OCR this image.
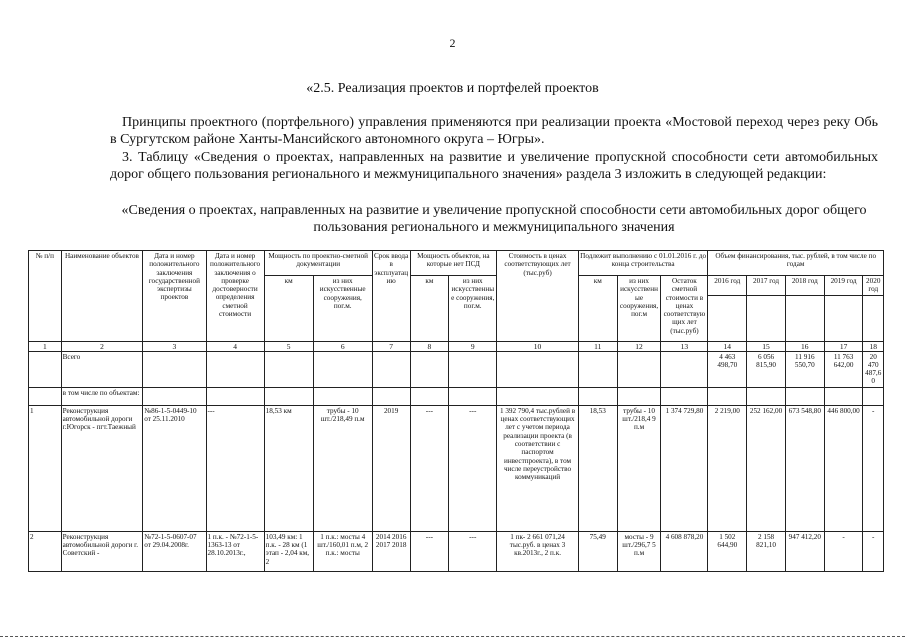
2
«2.5. Реализация проектов и портфелей проектов
Принципы проектного (портфельного) управления применяются при реализации проекта «Мостовой переход через реку Обь в Сургутском районе Ханты-Мансийского автономного округа – Югры».
3. Таблицу «Сведения о проектах, направленных на развитие и увеличение пропускной способности сети автомобильных дорог общего пользования регионального и межмуниципального значения» раздела 3 изложить в следующей редакции:
«Сведения о проектах, направленных на развитие и увеличение пропускной способности сети автомобильных дорог общего пользования регионального и межмуниципального значения
№ п/п	Наименование объектов	Дата и номер положительного заключения государственной экспертизы проектов	Дата и номер положительного заключения о проверке достоверности определения сметной стоимости	Мощность по проектно-сметной документации		Срок ввода в эксплуатацию	Мощность объектов, на которые нет ПСД		Стоимость в ценах соответствующих лет (тыс.руб)	Подлежит выполнению с 01.01.2016 г. до конца строительства			Объем финансирования, тыс. рублей, в том числе по годам				
				км	из них искусственные сооружения, пог.м.		км	из них искусственные сооружения, пог.м.		км	из них искусственные сооружения, пог.м	Остаток сметной стоимости в ценах соответствующих лет (тыс.руб)	2016 год	2017 год	2018 год	2019 год	2020 год

1	2	3	4	5	6	7	8	9	10	11	12	13	14	15	16	17	18
	Всего												4 463 498,70	6 056 815,90	11 916 550,70	11 763 642,00	20 470 487,6 0
	в том числе по объектам:																
1	Реконструкция автомобильной дороги г.Югорск - пгт.Таежный	№86-1-5-0449-10 от 25.11.2010	---	18,53 км	трубы - 10 шт./218,49 п.м	2019	---	---	1 392 790,4 тыс.рублей в ценах соответствующих лет с учетом периода реализации проекта (в соответствии с паспортом инвестпроекта), в том числе переустройство коммуникаций	18,53	трубы - 10 шт./218,4 9 п.м	1 374 729,80	2 219,00	252 162,00	673 548,80	446 800,00	-
2	Реконструкция автомобильной дороги г. Советский -	№72-1-5-0607-07 от 29.04.2008г.	1 п.к. - №72-1-5-1363-13 от 28.10.2013г.,	103,49 км: 1 п.к. - 28 км (1 этап - 2,04 км, 2	1 п.к.: мосты 4 шт./160,01 п.м, 2 п.к.: мосты	2014 2016 2017 2018	---	---	1 пк- 2 661 071,24 тыс.руб. в ценах 3 кв.2013г., 2 п.к.	75,49	мосты - 9 шт./296,7 5 п.м	4 608 878,20	1 502 644,90	2 158 821,10	947 412,20	-	-
